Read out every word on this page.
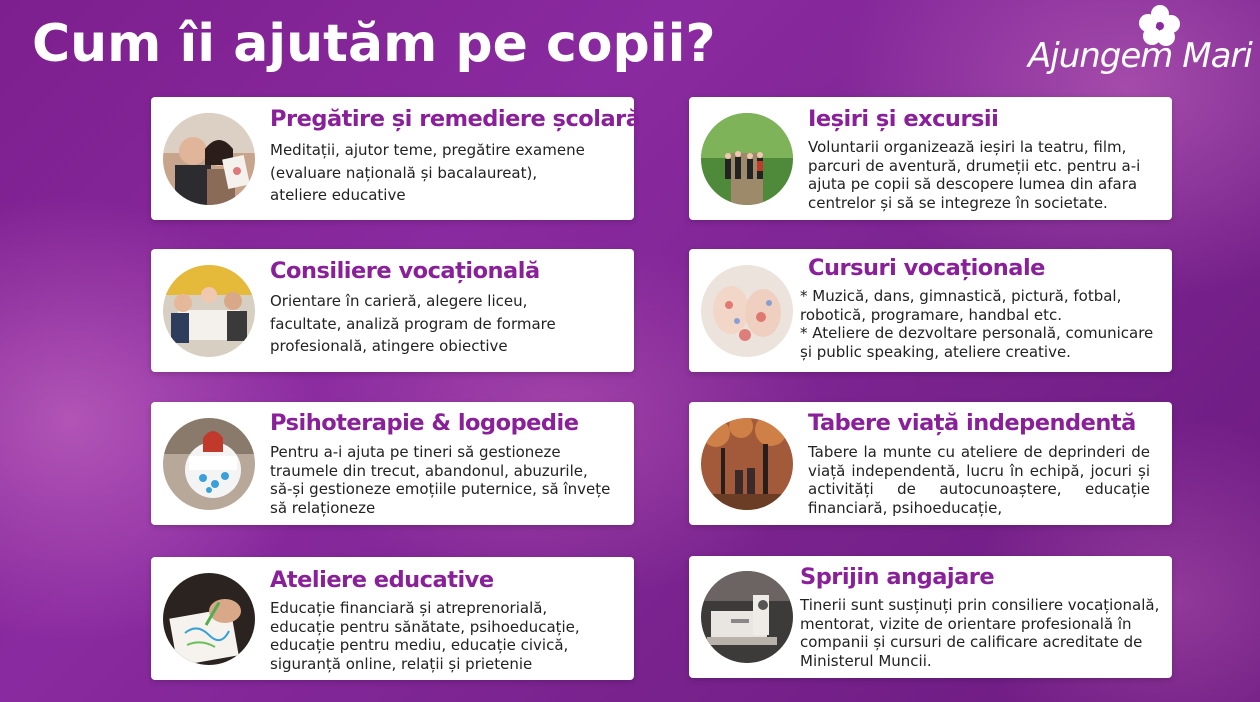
Cum îi ajutăm pe copii?	Ajungem Mari
Pregătire și remediere școlară

Meditații, ajutor teme, pregătire examene
(evaluare națională și bacalaureat),
ateliere educative

Ieșiri și excursii

Voluntarii organizează ieșiri la teatru, film,
parcuri de aventură, drumeții etc. pentru a-i
ajuta pe copii să descopere lumea din afara
centrelor și să se integreze în societate.

Consiliere vocațională

Orientare în carieră, alegere liceu,
facultate, analiză program de formare
profesională, atingere obiective

Cursuri vocaționale

* Muzică, dans, gimnastică, pictură, fotbal,
robotică, programare, handbal etc.
* Ateliere de dezvoltare personală, comunicare
și public speaking, ateliere creative.

Psihoterapie & logopedie

Pentru a-i ajuta pe tineri să gestioneze
traumele din trecut, abandonul, abuzurile,
să-și gestioneze emoțiile puternice, să învețe
să relaționeze

Tabere viață independentă

Tabere la munte cu ateliere de deprinderi de viață independentă, lucru în echipă, jocuri și activități de autocunoaștere, educație financiară, psihoeducație,

Ateliere educative

Educație financiară și atreprenorială,
educație pentru sănătate, psihoeducație,
educație pentru mediu, educație civică,
siguranță online, relații și prietenie

Sprijin angajare

Tinerii sunt susținuți prin consiliere vocațională,
mentorat, vizite de orientare profesională în
companii și cursuri de calificare acreditate de
Ministerul Muncii.
